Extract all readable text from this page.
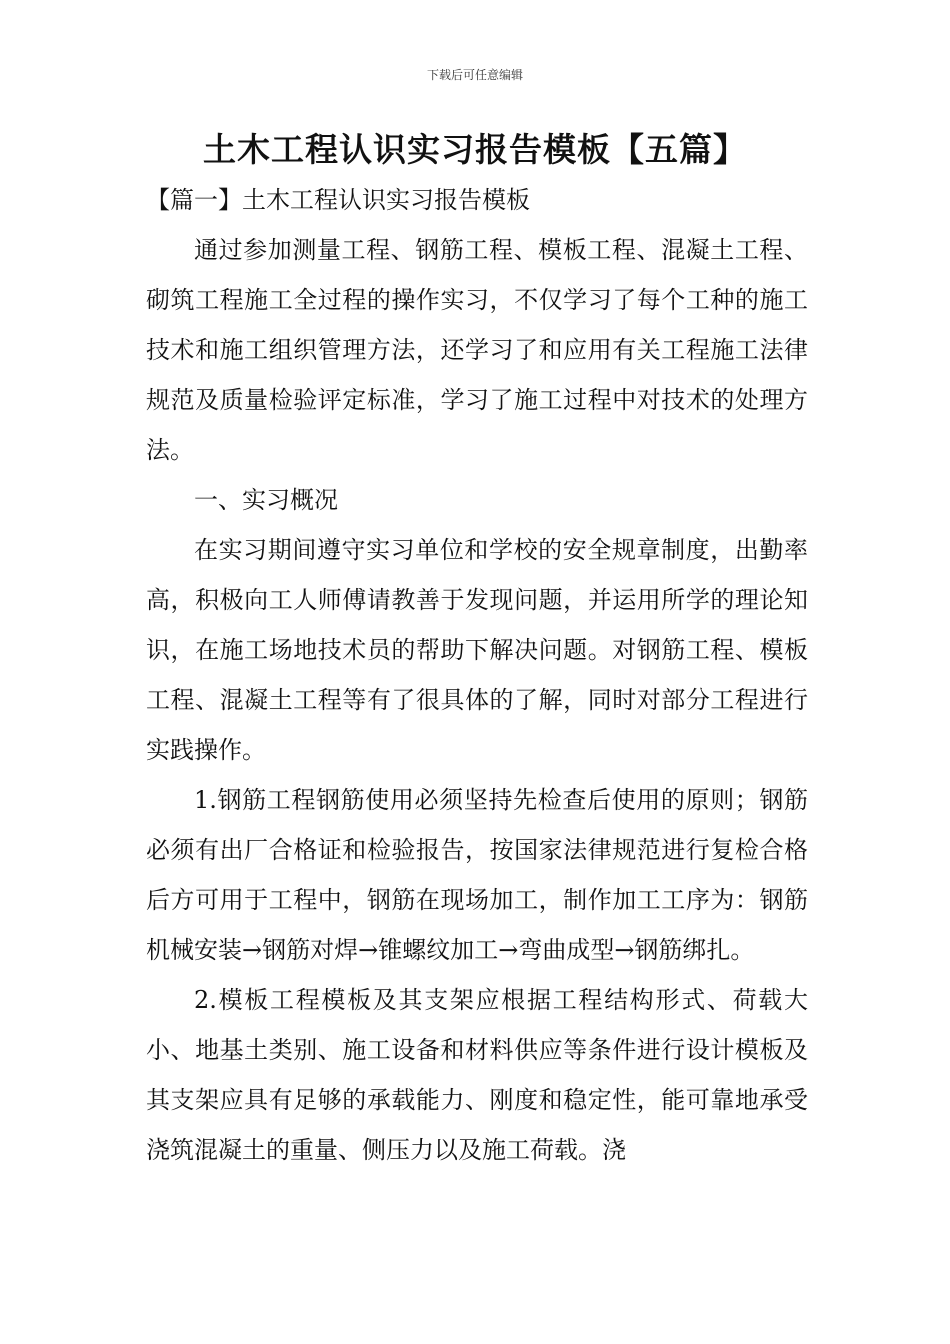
下载后可任意编辑
土木工程认识实习报告模板【五篇】
【篇一】土木工程认识实习报告模板

通过参加测量工程、钢筋工程、模板工程、混凝土工程、砌筑工程施工全过程的操作实习，不仅学习了每个工种的施工技术和施工组织管理方法，还学习了和应用有关工程施工法律规范及质量检验评定标准，学习了施工过程中对技术的处理方法。

一、实习概况

在实习期间遵守实习单位和学校的安全规章制度，出勤率高，积极向工人师傅请教善于发现问题，并运用所学的理论知识，在施工场地技术员的帮助下解决问题。对钢筋工程、模板工程、混凝土工程等有了很具体的了解，同时对部分工程进行实践操作。

1.钢筋工程钢筋使用必须坚持先检查后使用的原则；钢筋必须有出厂合格证和检验报告，按国家法律规范进行复检合格后方可用于工程中，钢筋在现场加工，制作加工工序为：钢筋机械安装→钢筋对焊→锥螺纹加工→弯曲成型→钢筋绑扎。

2.模板工程模板及其支架应根据工程结构形式、荷载大小、地基土类别、施工设备和材料供应等条件进行设计模板及其支架应具有足够的承载能力、刚度和稳定性，能可靠地承受浇筑混凝土的重量、侧压力以及施工荷载。浇
